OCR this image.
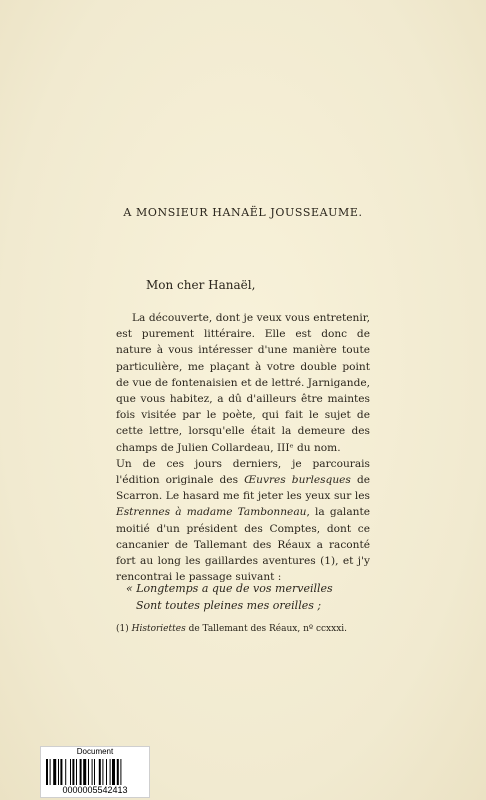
A MONSIEUR HANAËL JOUSSEAUME.
Mon cher Hanaël,

La découverte, dont je veux vous entretenir, est purement littéraire. Elle est donc de nature à vous intéresser d'une manière toute particulière, me plaçant à votre double point de vue de fontenaisien et de lettré. Jarnigande, que vous habitez, a dû d'ailleurs être maintes fois visitée par le poète, qui fait le sujet de cette lettre, lorsqu'elle était la demeure des champs de Julien Collardeau, IIIᵉ du nom.

Un de ces jours derniers, je parcourais l'édition originale des Œuvres burlesques de Scarron. Le hasard me fit jeter les yeux sur les Estrennes à madame Tambonneau, la galante moitié d'un président des Comptes, dont ce cancanier de Tallemant des Réaux a raconté fort au long les gaillardes aventures (1), et j'y rencontrai le passage suivant :

« Longtemps a que de vos merveilles
Sont toutes pleines mes oreilles ;
(1) Historiettes de Tallemant des Réaux, nº ccxxxi.
Document
0000005542413
